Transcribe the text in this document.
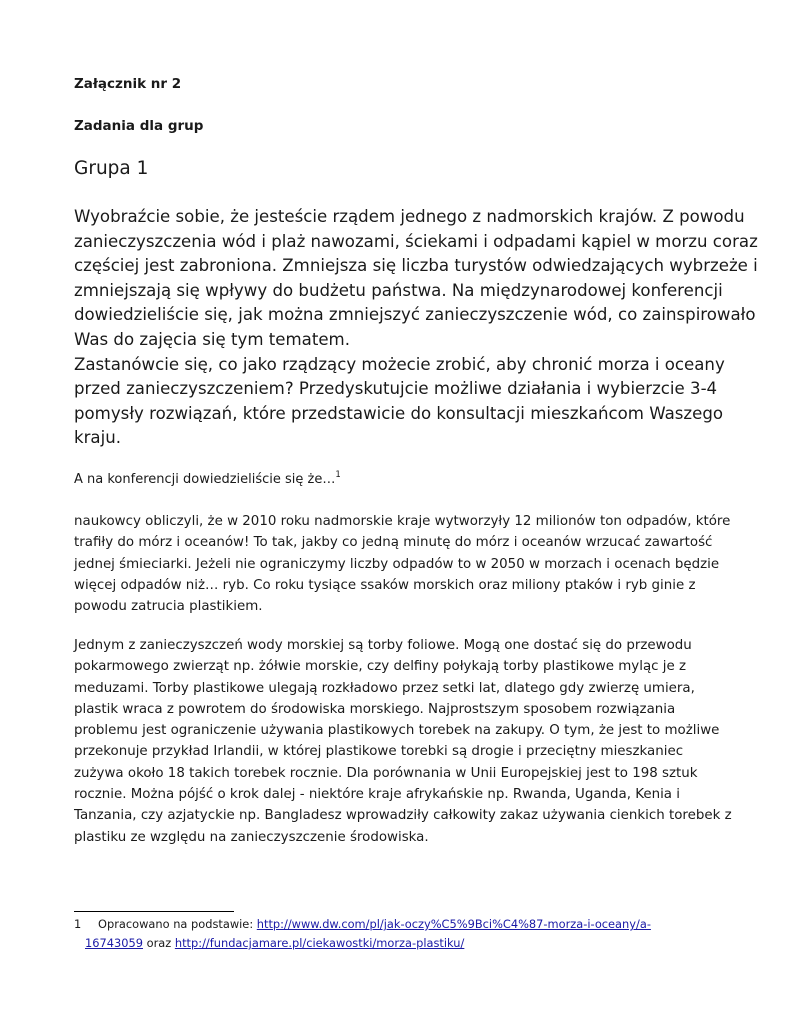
Załącznik nr 2
Zadania dla grup
Grupa 1

Wyobraźcie sobie, że jesteście rządem jednego z nadmorskich krajów. Z powodu zanieczyszczenia wód i plaż nawozami, ściekami i odpadami kąpiel w morzu coraz częściej jest zabroniona. Zmniejsza się liczba turystów odwiedzających wybrzeże i zmniejszają się wpływy do budżetu państwa. Na międzynarodowej konferencji dowiedzieliście się, jak można zmniejszyć zanieczyszczenie wód, co zainspirowało Was do zajęcia się tym tematem.

Zastanówcie się, co jako rządzący możecie zrobić, aby chronić morza i oceany przed zanieczyszczeniem? Przedyskutujcie możliwe działania i wybierzcie 3-4 pomysły rozwiązań, które przedstawicie do konsultacji mieszkańcom Waszego kraju.

A na konferencji dowiedzieliście się że…$^1$

naukowcy obliczyli, że w 2010 roku nadmorskie kraje wytworzyły 12 milionów ton odpadów, które trafiły do mórz i oceanów! To tak, jakby co jedną minutę do mórz i oceanów wrzucać zawartość jednej śmieciarki. Jeżeli nie ograniczymy liczby odpadów to w 2050 w morzach i ocenach będzie więcej odpadów niż… ryb. Co roku tysiące ssaków morskich oraz miliony ptaków i ryb ginie z powodu zatrucia plastikiem.

Jednym z zanieczyszczeń wody morskiej są torby foliowe. Mogą one dostać się do przewodu pokarmowego zwierząt np. żółwie morskie, czy delfiny połykają torby plastikowe myląc je z meduzami. Torby plastikowe ulegają rozkładowo przez setki lat, dlatego gdy zwierzę umiera, plastik wraca z powrotem do środowiska morskiego. Najprostszym sposobem rozwiązania problemu jest ograniczenie używania plastikowych torebek na zakupy. O tym, że jest to możliwe przekonuje przykład Irlandii, w której plastikowe torebki są drogie i przeciętny mieszkaniec zużywa około 18 takich torebek rocznie. Dla porównania w Unii Europejskiej jest to 198 sztuk rocznie. Można pójść o krok dalej - niektóre kraje afrykańskie np. Rwanda, Uganda, Kenia i Tanzania, czy azjatyckie np. Bangladesz wprowadziły całkowity zakaz używania cienkich torebek z plastiku ze względu na zanieczyszczenie środowiska.

1 Opracowano na podstawie: http://www.dw.com/pl/jak-oczy%C5%9Bci%C4%87-morza-i-oceany/a-
16743059 oraz http://fundacjamare.pl/ciekawostki/morza-plastiku/
